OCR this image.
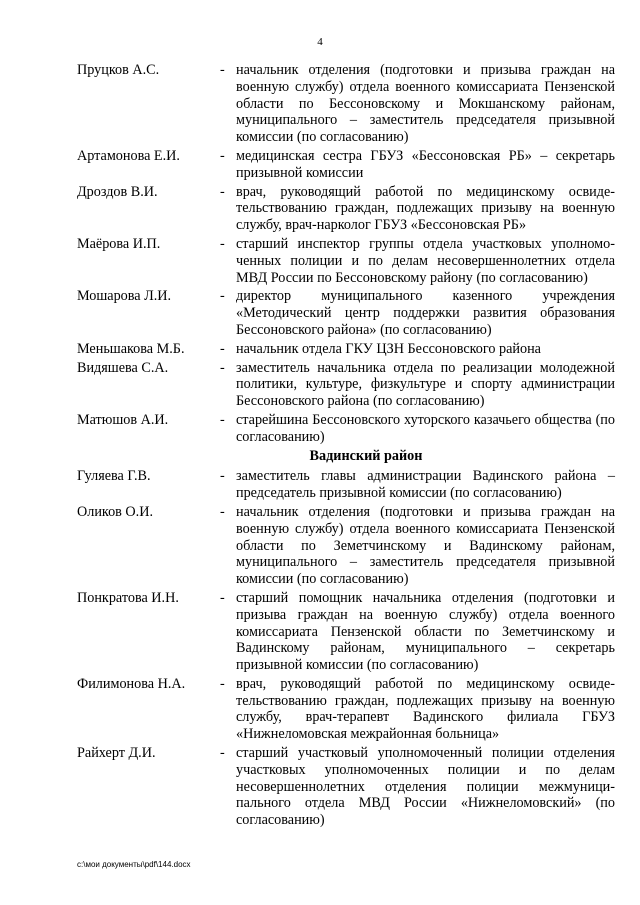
4
Пруцков А.С.	- начальник отделения (подготовки и призыва граждан на военную службу) отдела военного комиссариата Пензенской области по Бессоновскому и Мокшанскому районам, муниципального – заместитель председателя призывной комиссии (по согласованию)
Артамонова Е.И.	- медицинская сестра ГБУЗ «Бессоновская РБ» – секретарь призывной комиссии
Дроздов В.И.	- врач, руководящий работой по медицинскому освидетельствованию граждан, подлежащих призыву на военную службу, врач-нарколог ГБУЗ «Бессоновская РБ»
Маёрова И.П.	- старший инспектор группы отдела участковых уполномоченных полиции и по делам несовершеннолетних отдела МВД России по Бессоновскому району (по согласованию)
Мошарова Л.И.	- директор муниципального казенного учреждения «Методический центр поддержки развития образования Бессоновского района» (по согласованию)
Меньшакова М.Б.	- начальник отдела ГКУ ЦЗН Бессоновского района
Видяшева С.А.	- заместитель начальника отдела по реализации молодежной политики, культуре, физкультуре и спорту администрации Бессоновского района (по согласованию)
Матюшов А.И.	- старейшина Бессоновского хуторского казачьего общества (по согласованию)
Вадинский район
Гуляева Г.В.	- заместитель главы администрации Вадинского района – председатель призывной комиссии (по согласованию)
Оликов О.И.	- начальник отделения (подготовки и призыва граждан на военную службу) отдела военного комиссариата Пензенской области по Земетчинскому и Вадинскому районам, муниципального – заместитель председателя призывной комиссии (по согласованию)
Понкратова И.Н.	- старший помощник начальника отделения (подготовки и призыва граждан на военную службу) отдела военного комиссариата Пензенской области по Земетчинскому и Вадинскому районам, муниципального – секретарь призывной комиссии (по согласованию)
Филимонова Н.А.	- врач, руководящий работой по медицинскому освидетельствованию граждан, подлежащих призыву на военную службу, врач-терапевт Вадинского филиала ГБУЗ «Нижнеломовская межрайонная больница»
Райхерт Д.И.	- старший участковый уполномоченный полиции отделения участковых уполномоченных полиции и по делам несовершеннолетних отделения полиции межмуниципального отдела МВД России «Нижнеломовский» (по согласованию)
c:\мои документы\pdf\144.docx
